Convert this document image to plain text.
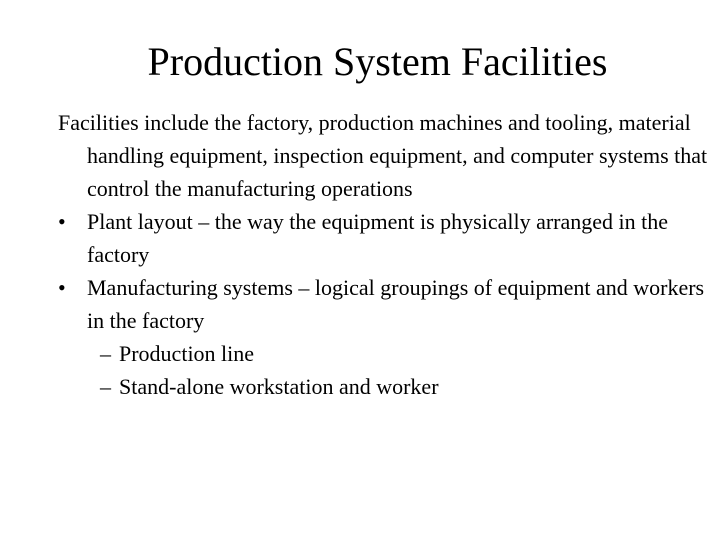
Production System Facilities

Facilities include the factory, production machines and tooling, material handling equipment, inspection equipment, and computer systems that control the manufacturing operations

• Plant layout – the way the equipment is physically arranged in the factory
• Manufacturing systems – logical groupings of equipment and workers in the factory
– Production line
– Stand-alone workstation and worker
